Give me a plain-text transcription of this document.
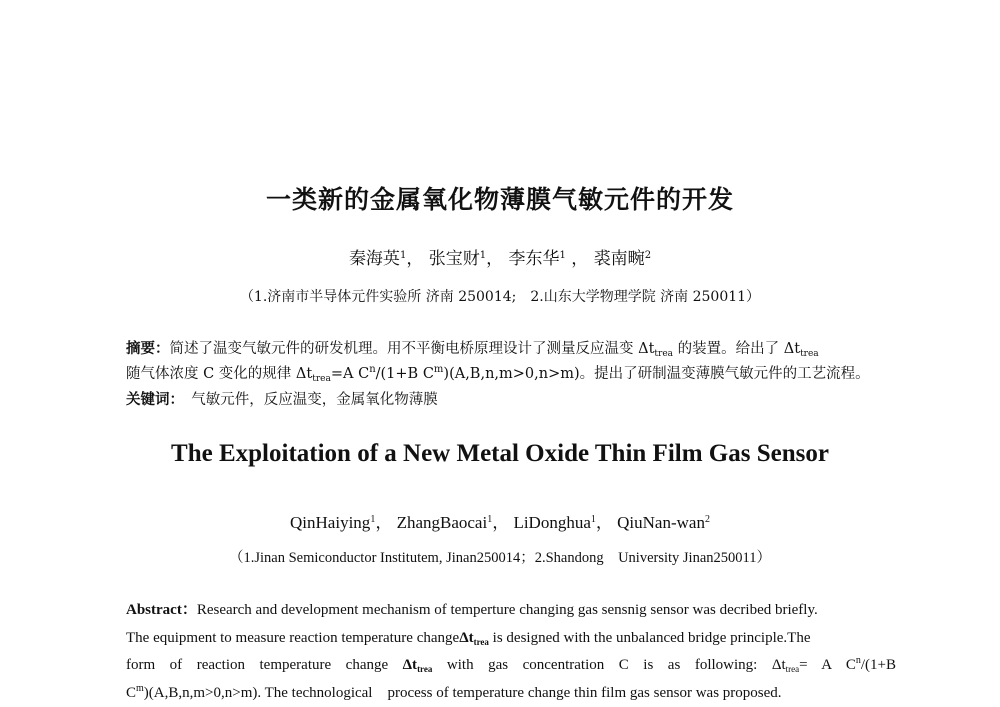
一类新的金属氧化物薄膜气敏元件的开发
秦海英$^1$， 张宝财$^1$， 李东华$^1$ ， 裘南畹$^2$
（1.济南市半导体元件实验所 济南 250014;　2.山东大学物理学院 济南 250011）
摘要：简述了温变气敏元件的研发机理。用不平衡电桥原理设计了测量反应温变 $\Delta t_{trea}$ 的装置。给出了 $\Delta t_{trea}$
随气体浓度 C 变化的规律 $\Delta t_{trea}=A$ $C^n/(1+B$ $C^m)(A,B,n,m>0,n>m)$。提出了研制温变薄膜气敏元件的工艺流程。
关键词：　气敏元件，反应温变，金属氧化物薄膜
The Exploitation of a New Metal Oxide Thin Film Gas Sensor
QinHaiying$^1$， ZhangBaocai$^1$， LiDonghua$^1$， QiuNan-wan$^2$
（1.Jinan Semiconductor Institutem, Jinan250014；2.Shandong　University Jinan250011）
Abstract：Research and development mechanism of temperture changing gas sensnig sensor was decribed briefly.
The equipment to measure reaction temperature changeΔt$_{trea}$ is designed with the unbalanced bridge principle.The
form of reaction temperature change $\Delta t_{trea}$ with gas concentration C is as following: $\Delta t_{trea}= A$ $C^n/(1+B$
$C^m)(A,B,n,m>0,n>m)$. The technological　process of temperature change thin film gas sensor was proposed.
